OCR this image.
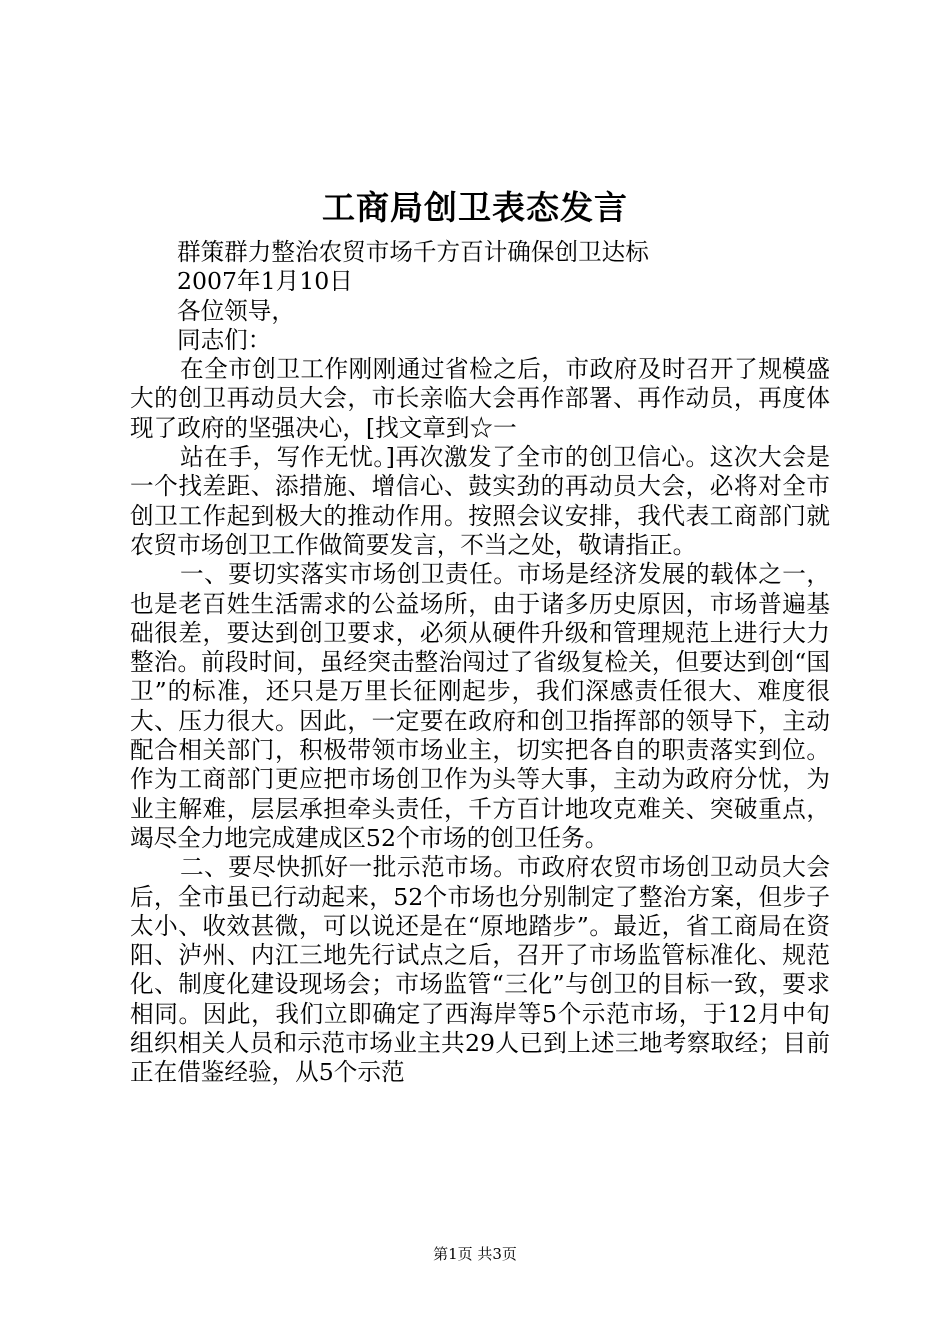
工商局创卫表态发言
群策群力整治农贸市场千方百计确保创卫达标
2007年1月10日
各位领导，
同志们：
在全市创卫工作刚刚通过省检之后，市政府及时召开了规模盛大的创卫再动员大会，市长亲临大会再作部署、再作动员，再度体现了政府的坚强决心，[找文章到☆一
站在手，写作无忧。]再次激发了全市的创卫信心。这次大会是一个找差距、添措施、增信心、鼓实劲的再动员大会，必将对全市创卫工作起到极大的推动作用。按照会议安排，我代表工商部门就农贸市场创卫工作做简要发言，不当之处，敬请指正。
一、要切实落实市场创卫责任。市场是经济发展的载体之一，也是老百姓生活需求的公益场所，由于诸多历史原因，市场普遍基础很差，要达到创卫要求，必须从硬件升级和管理规范上进行大力整治。前段时间，虽经突击整治闯过了省级复检关，但要达到创“国卫”的标准，还只是万里长征刚起步，我们深感责任很大、难度很大、压力很大。因此，一定要在政府和创卫指挥部的领导下，主动配合相关部门，积极带领市场业主，切实把各自的职责落实到位。作为工商部门更应把市场创卫作为头等大事，主动为政府分忧，为业主解难，层层承担牵头责任，千方百计地攻克难关、突破重点，竭尽全力地完成建成区52个市场的创卫任务。
二、要尽快抓好一批示范市场。市政府农贸市场创卫动员大会后，全市虽已行动起来，52个市场也分别制定了整治方案，但步子太小、收效甚微，可以说还是在“原地踏步”。最近，省工商局在资阳、泸州、内江三地先行试点之后，召开了市场监管标准化、规范化、制度化建设现场会；市场监管“三化”与创卫的目标一致，要求相同。因此，我们立即确定了西海岸等5个示范市场，于12月中旬组织相关人员和示范市场业主共29人已到上述三地考察取经；目前正在借鉴经验，从5个示范
第1页 共3页
